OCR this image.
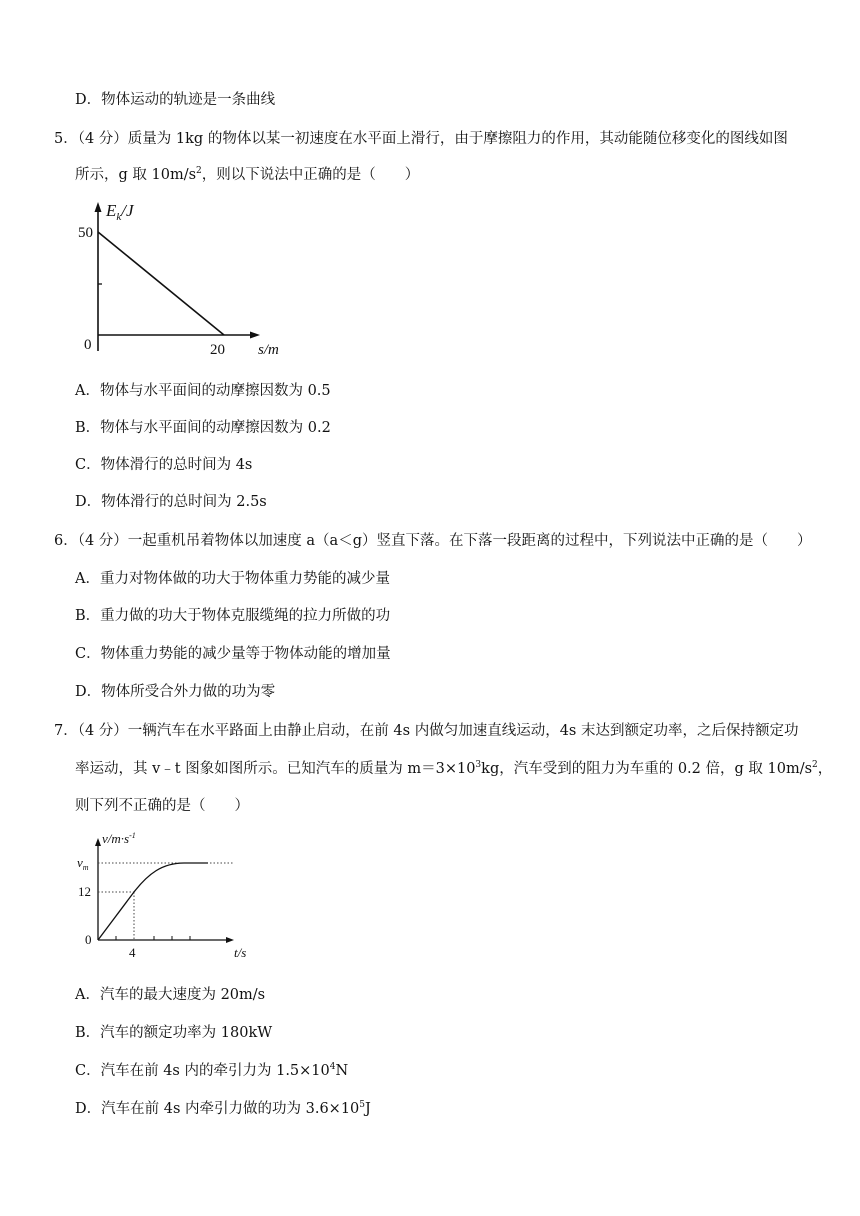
D．物体运动的轨迹是一条曲线
5．（4 分）质量为 1kg 的物体以某一初速度在水平面上滑行，由于摩擦阻力的作用，其动能随位移变化的图线如图
所示，g 取 $10m/s^2$，则以下说法中正确的是（　　）
$E_k/J$
50
0	20 s/m
A．物体与水平面间的动摩擦因数为 0.5
B．物体与水平面间的动摩擦因数为 0.2
C．物体滑行的总时间为 4s
D．物体滑行的总时间为 2.5s
6．（4 分）一起重机吊着物体以加速度 a（a＜g）竖直下落。在下落一段距离的过程中，下列说法中正确的是（　　）
A．重力对物体做的功大于物体重力势能的减少量
B．重力做的功大于物体克服缆绳的拉力所做的功
C．物体重力势能的减少量等于物体动能的增加量
D．物体所受合外力做的功为零
7．（4 分）一辆汽车在水平路面上由静止启动，在前 4s 内做匀加速直线运动，4s 末达到额定功率，之后保持额定功
率运动，其 v﹣t 图象如图所示。已知汽车的质量为 $m=3\times 10^3kg$，汽车受到的阻力为车重的 0.2 倍，g 取 $10m/s^2$，
则下列不正确的是（　　）
$v/m\cdot s^{-1}$
$v_m$
12
0
4	t/s
A．汽车的最大速度为 20m/s
B．汽车的额定功率为 180kW
C．汽车在前 4s 内的牵引力为 $1.5\times 10^4N$
D．汽车在前 4s 内牵引力做的功为 $3.6\times 10^5J$
